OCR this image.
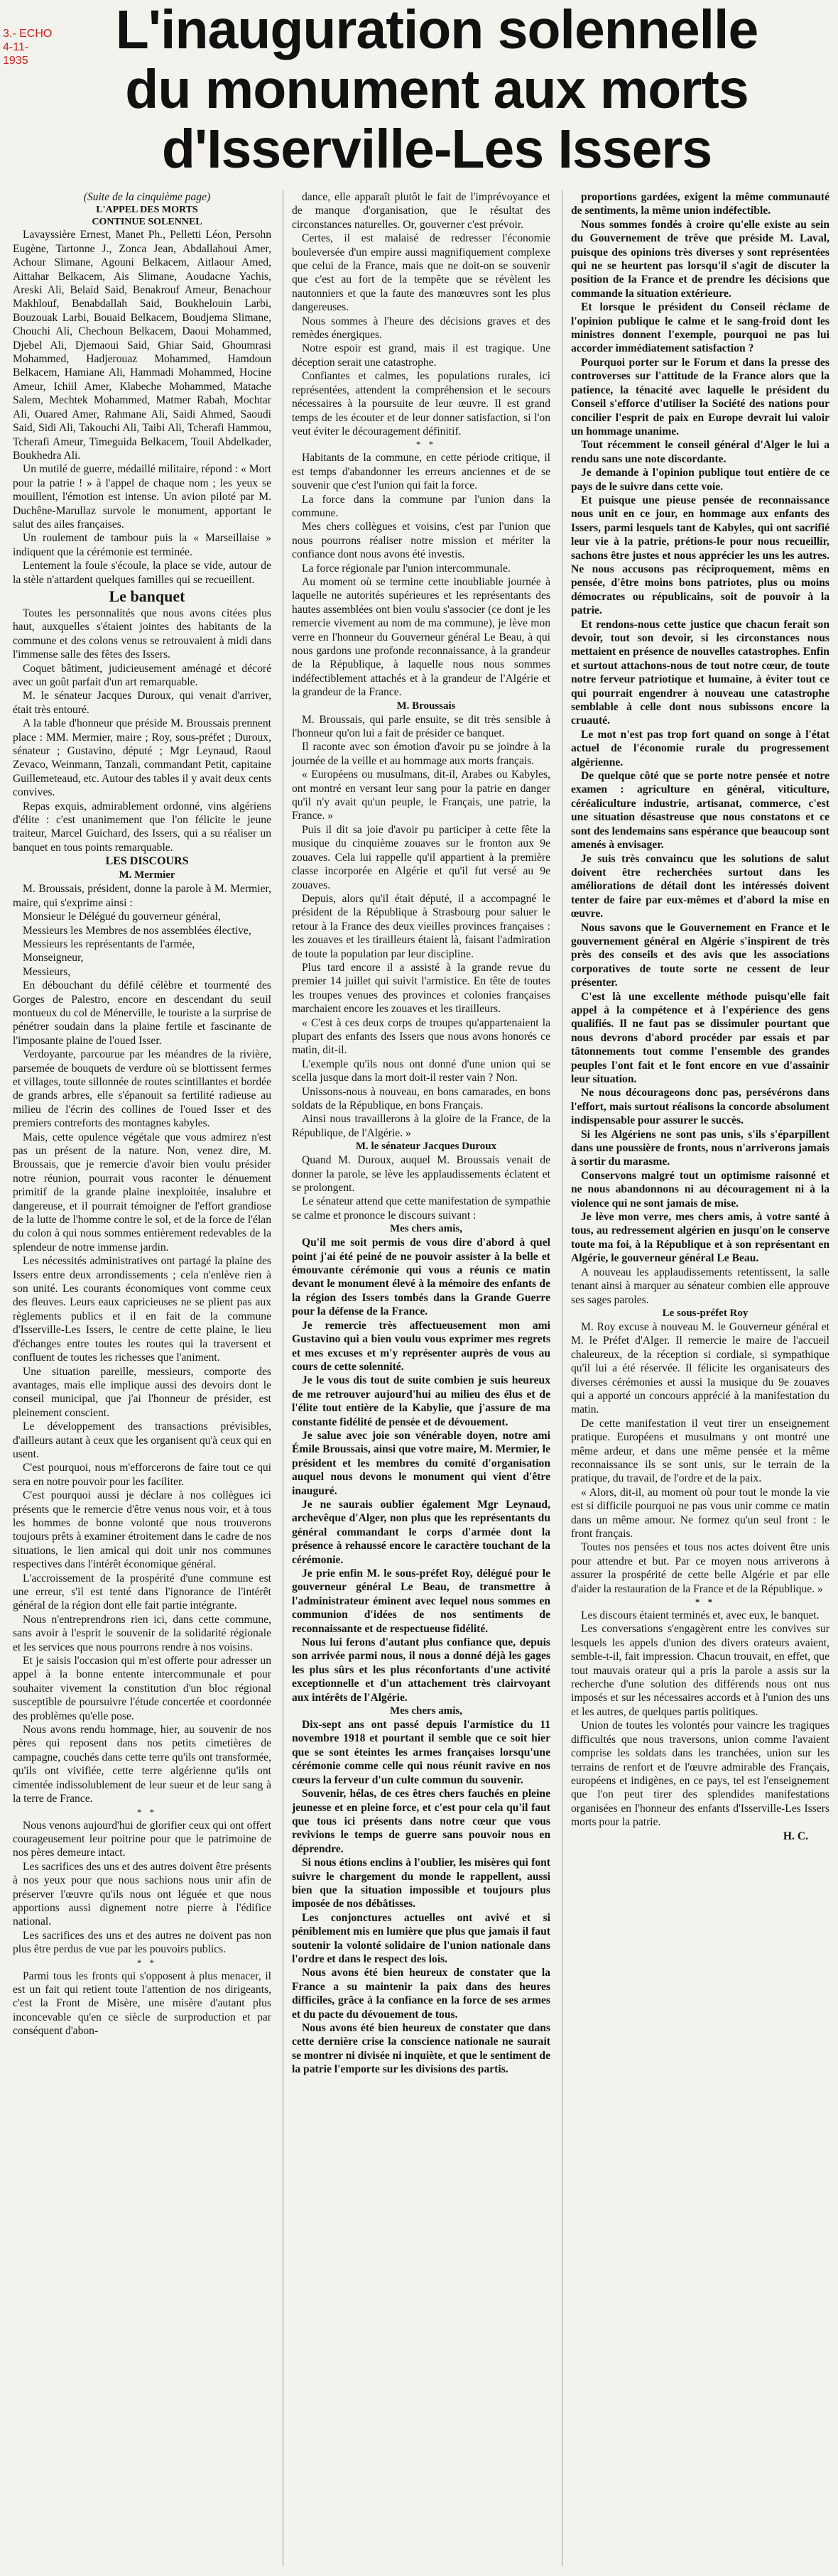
3.- ECHO
4-11-1935
L'inauguration solennelle
du monument aux morts
d'Isserville-Les Issers

(Suite de la cinquième page)

L'APPEL DES MORTS

CONTINUE SOLENNEL

Lavayssière Ernest, Manet Ph., Pelletti Léon, Persohn Eugène, Tartonne J., Zonca Jean, Abdallahoui Amer, Achour Slimane, Agouni Belkacem, Aitlaour Amed, Aittahar Belkacem, Ais Slimane, Aoudacne Yachis, Areski Ali, Belaid Said, Benakrouf Ameur, Benachour Makhlouf, Benabdallah Said, Boukhelouin Larbi, Bouzouak Larbi, Bouaid Belkacem, Boudjema Slimane, Chouchi Ali, Chechoun Belkacem, Daoui Mohammed, Djebel Ali, Djemaoui Said, Ghiar Said, Ghoumrasi Mohammed, Hadjerouaz Mohammed, Hamdoun Belkacem, Hamiane Ali, Hammadi Mohammed, Hocine Ameur, Ichiil Amer, Klabeche Mohammed, Matache Salem, Mechtek Mohammed, Matmer Rabah, Mochtar Ali, Ouared Amer, Rahmane Ali, Saidi Ahmed, Saoudi Said, Sidi Ali, Takouchi Ali, Taibi Ali, Tcherafi Hammou, Tcherafi Ameur, Timeguida Belkacem, Touil Abdelkader, Boukhedra Ali.

Un mutilé de guerre, médaillé militaire, répond : « Mort pour la patrie ! » à l'appel de chaque nom ; les yeux se mouillent, l'émotion est intense. Un avion piloté par M. Duchêne-Marullaz survole le monument, apportant le salut des ailes françaises.

Un roulement de tambour puis la « Marseillaise » indiquent que la cérémonie est terminée.

Lentement la foule s'écoule, la place se vide, autour de la stèle n'attardent quelques familles qui se recueillent.

Le banquet

Toutes les personnalités que nous avons citées plus haut, auxquelles s'étaient jointes des habitants de la commune et des colons venus se retrouvaient à midi dans l'immense salle des fêtes des Issers.

Coquet bâtiment, judicieusement aménagé et décoré avec un goût parfait d'un art remarquable.

M. le sénateur Jacques Duroux, qui venait d'arriver, était très entouré.

A la table d'honneur que préside M. Broussais prennent place : MM. Mermier, maire ; Roy, sous-préfet ; Duroux, sénateur ; Gustavino, député ; Mgr Leynaud, Raoul Zevaco, Weinmann, Tanzali, commandant Petit, capitaine Guillemeteaud, etc. Autour des tables il y avait deux cents convives.

Repas exquis, admirablement ordonné, vins algériens d'élite : c'est unanimement que l'on félicite le jeune traiteur, Marcel Guichard, des Issers, qui a su réaliser un banquet en tous points remarquable.

LES DISCOURS

M. Mermier

M. Broussais, président, donne la parole à M. Mermier, maire, qui s'exprime ainsi :

Monsieur le Délégué du gouverneur général,

Messieurs les Membres de nos assemblées élective,

Messieurs les représentants de l'armée,

Monseigneur,

Messieurs,

En débouchant du défilé célèbre et tourmenté des Gorges de Palestro, encore en descendant du seuil montueux du col de Ménerville, le touriste a la surprise de pénétrer soudain dans la plaine fertile et fascinante de l'imposante plaine de l'oued Isser.

Verdoyante, parcourue par les méandres de la rivière, parsemée de bouquets de verdure où se blottissent fermes et villages, toute sillonnée de routes scintillantes et bordée de grands arbres, elle s'épanouit sa fertilité radieuse au milieu de l'écrin des collines de l'oued Isser et des premiers contreforts des montagnes kabyles.

Mais, cette opulence végétale que vous admirez n'est pas un présent de la nature. Non, venez dire, M. Broussais, que je remercie d'avoir bien voulu présider notre réunion, pourrait vous raconter le dénuement primitif de la grande plaine inexploitée, insalubre et dangereuse, et il pourrait témoigner de l'effort grandiose de la lutte de l'homme contre le sol, et de la force de l'élan du colon à qui nous sommes entièrement redevables de la splendeur de notre immense jardin.

Les nécessités administratives ont partagé la plaine des Issers entre deux arrondissements ; cela n'enlève rien à son unité. Les courants économiques vont comme ceux des fleuves. Leurs eaux capricieuses ne se plient pas aux règlements publics et il en fait de la commune d'Isserville-Les Issers, le centre de cette plaine, le lieu d'échanges entre toutes les routes qui la traversent et confluent de toutes les richesses que l'animent.

Une situation pareille, messieurs, comporte des avantages, mais elle implique aussi des devoirs dont le conseil municipal, que j'ai l'honneur de présider, est pleinement conscient.

Le développement des transactions prévisibles, d'ailleurs autant à ceux que les organisent qu'à ceux qui en usent.

C'est pourquoi, nous m'efforcerons de faire tout ce qui sera en notre pouvoir pour les faciliter.

C'est pourquoi aussi je déclare à nos collègues ici présents que le remercie d'être venus nous voir, et à tous les hommes de bonne volonté que nous trouverons toujours prêts à examiner étroitement dans le cadre de nos situations, le lien amical qui doit unir nos communes respectives dans l'intérêt économique général.

L'accroissement de la prospérité d'une commune est une erreur, s'il est tenté dans l'ignorance de l'intérêt général de la région dont elle fait partie intégrante.

Nous n'entreprendrons rien ici, dans cette commune, sans avoir à l'esprit le souvenir de la solidarité régionale et les services que nous pourrons rendre à nos voisins.

Et je saisis l'occasion qui m'est offerte pour adresser un appel à la bonne entente intercommunale et pour souhaiter vivement la constitution d'un bloc régional susceptible de poursuivre l'étude concertée et coordonnée des problèmes qu'elle pose.

Nous avons rendu hommage, hier, au souvenir de nos pères qui reposent dans nos petits cimetières de campagne, couchés dans cette terre qu'ils ont transformée, qu'ils ont vivifiée, cette terre algérienne qu'ils ont cimentée indissolublement de leur sueur et de leur sang à la terre de France.

* *

Nous venons aujourd'hui de glorifier ceux qui ont offert courageusement leur poitrine pour que le patrimoine de nos pères demeure intact.

Les sacrifices des uns et des autres doivent être présents à nos yeux pour que nous sachions nous unir afin de préserver l'œuvre qu'ils nous ont léguée et que nous apportions aussi dignement notre pierre à l'édifice national.

Les sacrifices des uns et des autres ne doivent pas non plus être perdus de vue par les pouvoirs publics.

* *

Parmi tous les fronts qui s'opposent à plus menacer, il est un fait qui retient toute l'attention de nos dirigeants, c'est la Front de Misère, une misère d'autant plus inconcevable qu'en ce siècle de surproduction et par conséquent d'abon-

dance, elle apparaît plutôt le fait de l'imprévoyance et de manque d'organisation, que le résultat des circonstances naturelles. Or, gouverner c'est prévoir.

Certes, il est malaisé de redresser l'économie bouleversée d'un empire aussi magnifiquement complexe que celui de la France, mais que ne doit-on se souvenir que c'est au fort de la tempête que se révèlent les nautonniers et que la faute des manœuvres sont les plus dangereuses.

Nous sommes à l'heure des décisions graves et des remèdes énergiques.

Notre espoir est grand, mais il est tragique. Une déception serait une catastrophe.

Confiantes et calmes, les populations rurales, ici représentées, attendent la compréhension et le secours nécessaires à la poursuite de leur œuvre. Il est grand temps de les écouter et de leur donner satisfaction, si l'on veut éviter le découragement définitif.

* *

Habitants de la commune, en cette période critique, il est temps d'abandonner les erreurs anciennes et de se souvenir que c'est l'union qui fait la force.

La force dans la commune par l'union dans la commune.

Mes chers collègues et voisins, c'est par l'union que nous pourrons réaliser notre mission et mériter la confiance dont nous avons été investis.

La force régionale par l'union intercommunale.

Au moment où se termine cette inoubliable journée à laquelle ne autorités supérieures et les représentants des hautes assemblées ont bien voulu s'associer (ce dont je les remercie vivement au nom de ma commune), je lève mon verre en l'honneur du Gouverneur général Le Beau, à qui nous gardons une profonde reconnaissance, à la grandeur de la République, à laquelle nous nous sommes indéfectiblement attachés et à la grandeur de l'Algérie et la grandeur de la France.

M. Broussais

M. Broussais, qui parle ensuite, se dit très sensible à l'honneur qu'on lui a fait de présider ce banquet.

Il raconte avec son émotion d'avoir pu se joindre à la journée de la veille et au hommage aux morts français.

« Européens ou musulmans, dit-il, Arabes ou Kabyles, ont montré en versant leur sang pour la patrie en danger qu'il n'y avait qu'un peuple, le Français, une patrie, la France. »

Puis il dit sa joie d'avoir pu participer à cette fête la musique du cinquième zouaves sur le fronton aux 9e zouaves. Cela lui rappelle qu'il appartient à la première classe incorporée en Algérie et qu'il fut versé au 9e zouaves.

Depuis, alors qu'il était député, il a accompagné le président de la République à Strasbourg pour saluer le retour à la France des deux vieilles provinces françaises : les zouaves et les tirailleurs étaient là, faisant l'admiration de toute la population par leur discipline.

Plus tard encore il a assisté à la grande revue du premier 14 juillet qui suivit l'armistice. En tête de toutes les troupes venues des provinces et colonies françaises marchaient encore les zouaves et les tirailleurs.

« C'est à ces deux corps de troupes qu'appartenaient la plupart des enfants des Issers que nous avons honorés ce matin, dit-il.

L'exemple qu'ils nous ont donné d'une union qui se scella jusque dans la mort doit-il rester vain ? Non.

Unissons-nous à nouveau, en bons camarades, en bons soldats de la République, en bons Français.

Ainsi nous travaillerons à la gloire de la France, de la République, de l'Algérie. »

M. le sénateur Jacques Duroux

Quand M. Duroux, auquel M. Broussais venait de donner la parole, se lève les applaudissements éclatent et se prolongent.

Le sénateur attend que cette manifestation de sympathie se calme et prononce le discours suivant :

Mes chers amis,

Qu'il me soit permis de vous dire d'abord à quel point j'ai été peiné de ne pouvoir assister à la belle et émouvante cérémonie qui vous a réunis ce matin devant le monument élevé à la mémoire des enfants de la région des Issers tombés dans la Grande Guerre pour la défense de la France.

Je remercie très affectueusement mon ami Gustavino qui a bien voulu vous exprimer mes regrets et mes excuses et m'y représenter auprès de vous au cours de cette solennité.

Je le vous dis tout de suite combien je suis heureux de me retrouver aujourd'hui au milieu des élus et de l'élite tout entière de la Kabylie, que j'assure de ma constante fidélité de pensée et de dévouement.

Je salue avec joie son vénérable doyen, notre ami Émile Broussais, ainsi que votre maire, M. Mermier, le président et les membres du comité d'organisation auquel nous devons le monument qui vient d'être inauguré.

Je ne saurais oublier également Mgr Leynaud, archevêque d'Alger, non plus que les représentants du général commandant le corps d'armée dont la présence à rehaussé encore le caractère touchant de la cérémonie.

Je prie enfin M. le sous-préfet Roy, délégué pour le gouverneur général Le Beau, de transmettre à l'administrateur éminent avec lequel nous sommes en communion d'idées de nos sentiments de reconnaissante et de respectueuse fidélité.

Nous lui ferons d'autant plus confiance que, depuis son arrivée parmi nous, il nous a donné déjà les gages les plus sûrs et les plus réconfortants d'une activité exceptionnelle et d'un attachement très clairvoyant aux intérêts de l'Algérie.

Mes chers amis,

Dix-sept ans ont passé depuis l'armistice du 11 novembre 1918 et pourtant il semble que ce soit hier que se sont éteintes les armes françaises lorsqu'une cérémonie comme celle qui nous réunit ravive en nos cœurs la ferveur d'un culte commun du souvenir.

Souvenir, hélas, de ces êtres chers fauchés en pleine jeunesse et en pleine force, et c'est pour cela qu'il faut que tous ici présents dans notre cœur que vous revivions le temps de guerre sans pouvoir nous en déprendre.

Si nous étions enclins à l'oublier, les misères qui font suivre le chargement du monde le rappellent, aussi bien que la situation impossible et toujours plus imposée de nos débâtisses.

Les conjonctures actuelles ont avivé et si péniblement mis en lumière que plus que jamais il faut soutenir la volonté solidaire de l'union nationale dans l'ordre et dans le respect des lois.

Nous avons été bien heureux de constater que la France a su maintenir la paix dans des heures difficiles, grâce à la confiance en la force de ses armes et du pacte du dévouement de tous.

Nous avons été bien heureux de constater que dans cette dernière crise la conscience nationale ne saurait se montrer ni divisée ni inquiète, et que le sentiment de la patrie l'emporte sur les divisions des partis.

proportions gardées, exigent la même communauté de sentiments, la même union indéfectible.

Nous sommes fondés à croire qu'elle existe au sein du Gouvernement de trêve que préside M. Laval, puisque des opinions très diverses y sont représentées qui ne se heurtent pas lorsqu'il s'agit de discuter la position de la France et de prendre les décisions que commande la situation extérieure.

Et lorsque le président du Conseil réclame de l'opinion publique le calme et le sang-froid dont les ministres donnent l'exemple, pourquoi ne pas lui accorder immédiatement satisfaction ?

Pourquoi porter sur le Forum et dans la presse des controverses sur l'attitude de la France alors que la patience, la ténacité avec laquelle le président du Conseil s'efforce d'utiliser la Société des nations pour concilier l'esprit de paix en Europe devrait lui valoir un hommage unanime.

Tout récemment le conseil général d'Alger le lui a rendu sans une note discordante.

Je demande à l'opinion publique tout entière de ce pays de le suivre dans cette voie.

Et puisque une pieuse pensée de reconnaissance nous unit en ce jour, en hommage aux enfants des Issers, parmi lesquels tant de Kabyles, qui ont sacrifié leur vie à la patrie, prétions-le pour nous recueillir, sachons être justes et nous apprécier les uns les autres. Ne nous accusons pas réciproquement, mêms en pensée, d'être moins bons patriotes, plus ou moins démocrates ou républicains, soit de pouvoir à la patrie.

Et rendons-nous cette justice que chacun ferait son devoir, tout son devoir, si les circonstances nous mettaient en présence de nouvelles catastrophes. Enfin et surtout attachons-nous de tout notre cœur, de toute notre ferveur patriotique et humaine, à éviter tout ce qui pourrait engendrer à nouveau une catastrophe semblable à celle dont nous subissons encore la cruauté.

Le mot n'est pas trop fort quand on songe à l'état actuel de l'économie rurale du progressement algérienne.

De quelque côté que se porte notre pensée et notre examen : agriculture en général, viticulture, céréaliculture industrie, artisanat, commerce, c'est une situation désastreuse que nous constatons et ce sont des lendemains sans espérance que beaucoup sont amenés à envisager.

Je suis très convaincu que les solutions de salut doivent être recherchées surtout dans les améliorations de détail dont les intéressés doivent tenter de faire par eux-mêmes et d'abord la mise en œuvre.

Nous savons que le Gouvernement en France et le gouvernement général en Algérie s'inspirent de très près des conseils et des avis que les associations corporatives de toute sorte ne cessent de leur présenter.

C'est là une excellente méthode puisqu'elle fait appel à la compétence et à l'expérience des gens qualifiés. Il ne faut pas se dissimuler pourtant que nous devrons d'abord procéder par essais et par tâtonnements tout comme l'ensemble des grandes peuples l'ont fait et le font encore en vue d'assainir leur situation.

Ne nous décourageons donc pas, persévérons dans l'effort, mais surtout réalisons la concorde absolument indispensable pour assurer le succès.

Si les Algériens ne sont pas unis, s'ils s'éparpillent dans une poussière de fronts, nous n'arriverons jamais à sortir du marasme.

Conservons malgré tout un optimisme raisonné et ne nous abandonnons ni au découragement ni à la violence qui ne sont jamais de mise.

Je lève mon verre, mes chers amis, à votre santé à tous, au redressement algérien en jusqu'on le conserve toute ma foi, à la République et à son représentant en Algérie, le gouverneur général Le Beau.

A nouveau les applaudissements retentissent, la salle tenant ainsi à marquer au sénateur combien elle approuve ses sages paroles.

Le sous-préfet Roy

M. Roy excuse à nouveau M. le Gouverneur général et M. le Préfet d'Alger. Il remercie le maire de l'accueil chaleureux, de la réception si cordiale, si sympathique qu'il lui a été réservée. Il félicite les organisateurs des diverses cérémonies et aussi la musique du 9e zouaves qui a apporté un concours apprécié à la manifestation du matin.

De cette manifestation il veut tirer un enseignement pratique. Européens et musulmans y ont montré une même ardeur, et dans une même pensée et la même reconnaissance ils se sont unis, sur le terrain de la pratique, du travail, de l'ordre et de la paix.

« Alors, dit-il, au moment où pour tout le monde la vie est si difficile pourquoi ne pas vous unir comme ce matin dans un même amour. Ne formez qu'un seul front : le front français.

Toutes nos pensées et tous nos actes doivent être unis pour attendre et but. Par ce moyen nous arriverons à assurer la prospérité de cette belle Algérie et par elle d'aider la restauration de la France et de la République. »

* *

Les discours étaient terminés et, avec eux, le banquet.

Les conversations s'engagèrent entre les convives sur lesquels les appels d'union des divers orateurs avaient, semble-t-il, fait impression. Chacun trouvait, en effet, que tout mauvais orateur qui a pris la parole a assis sur la recherche d'une solution des différends nous ont nus imposés et sur les nécessaires accords et à l'union des uns et les autres, de quelques partis politiques.

Union de toutes les volontés pour vaincre les tragiques difficultés que nous traversons, union comme l'avaient comprise les soldats dans les tranchées, union sur les terrains de renfort et de l'œuvre admirable des Français, européens et indigènes, en ce pays, tel est l'enseignement que l'on peut tirer des splendides manifestations organisées en l'honneur des enfants d'Isserville-Les Issers morts pour la patrie.

H. C.
